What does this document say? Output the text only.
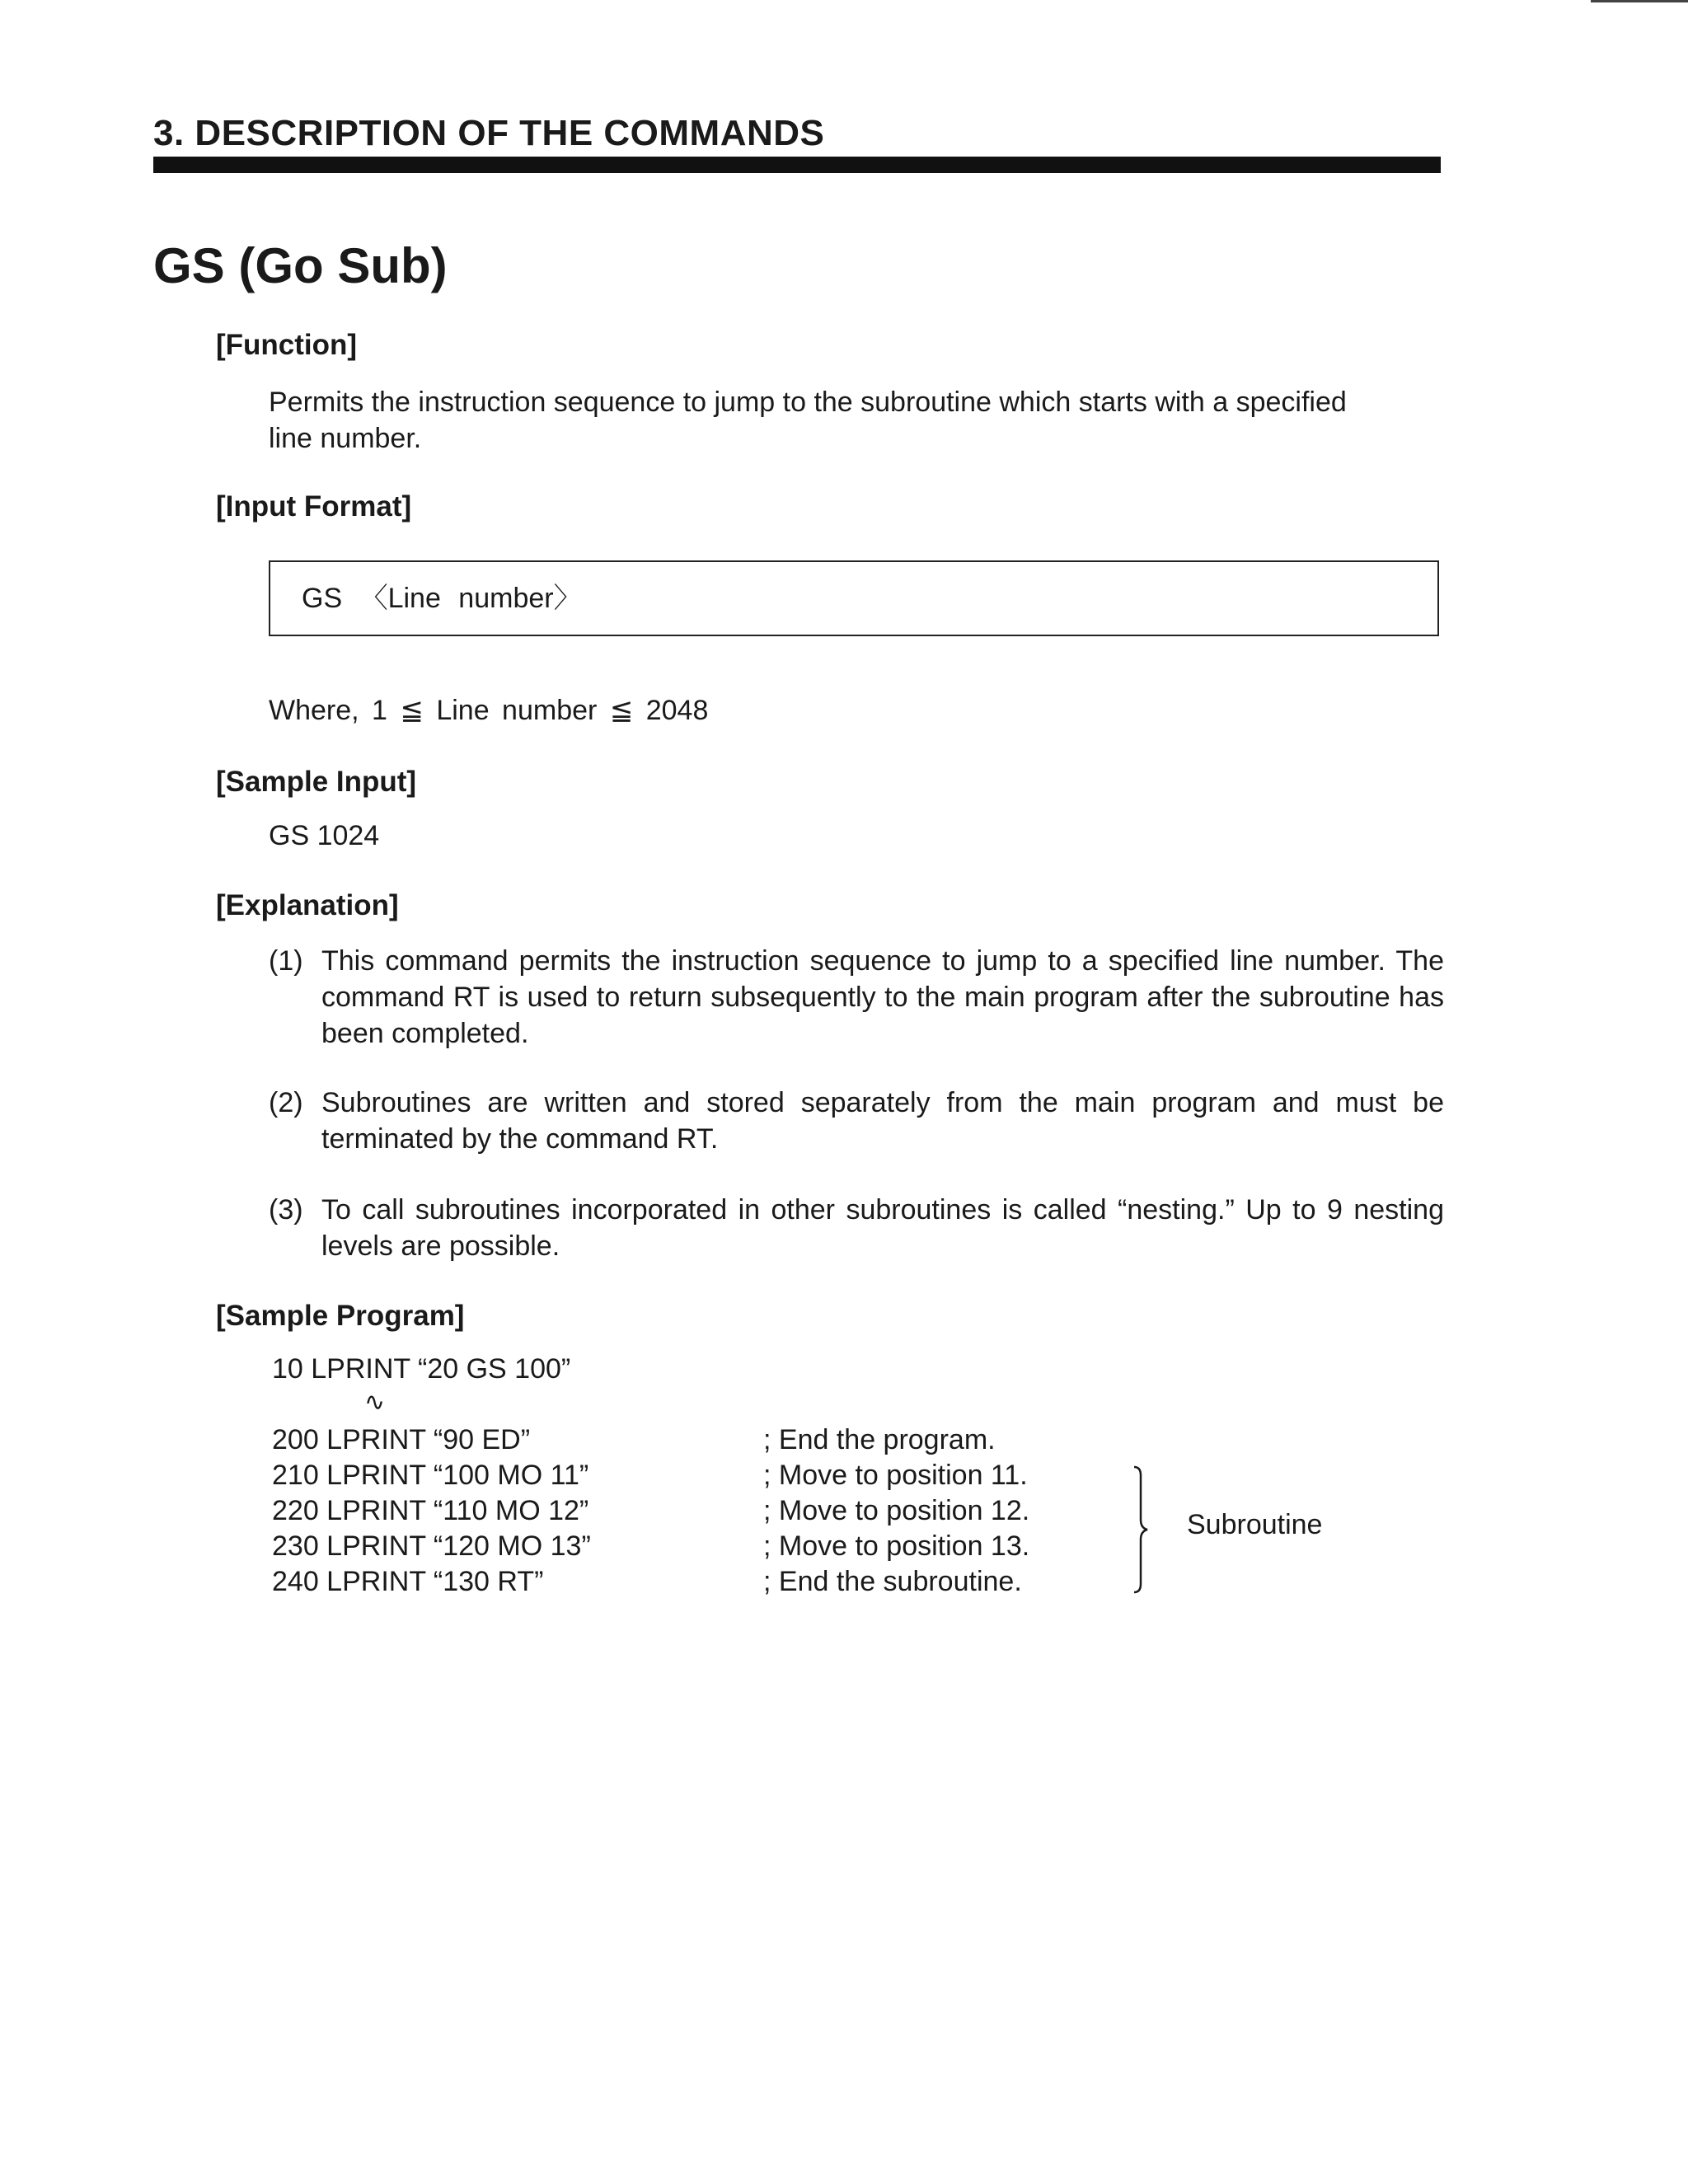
3. DESCRIPTION OF THE COMMANDS
GS (Go Sub)
[Function]
Permits the instruction sequence to jump to the subroutine which starts with a specified
line number.
[Input Format]
GS 〈Line number〉
Where, 1 ≦ Line number ≦ 2048
[Sample Input]
GS 1024
[Explanation]
(1) This command permits the instruction sequence to jump to a specified line number. The command RT is used to return subsequently to the main program after the subroutine has been completed.
(2) Subroutines are written and stored separately from the main program and must be terminated by the command RT.
(3) To call subroutines incorporated in other subroutines is called “nesting.” Up to 9 nesting levels are possible.
[Sample Program]
10 LPRINT “20 GS 100”
∿
200 LPRINT “90 ED”	; End the program.
210 LPRINT “100 MO 11”	; Move to position 11.
220 LPRINT “110 MO 12”	; Move to position 12.
230 LPRINT “120 MO 13”	; Move to position 13.
240 LPRINT “130 RT”	; End the subroutine.
Subroutine
